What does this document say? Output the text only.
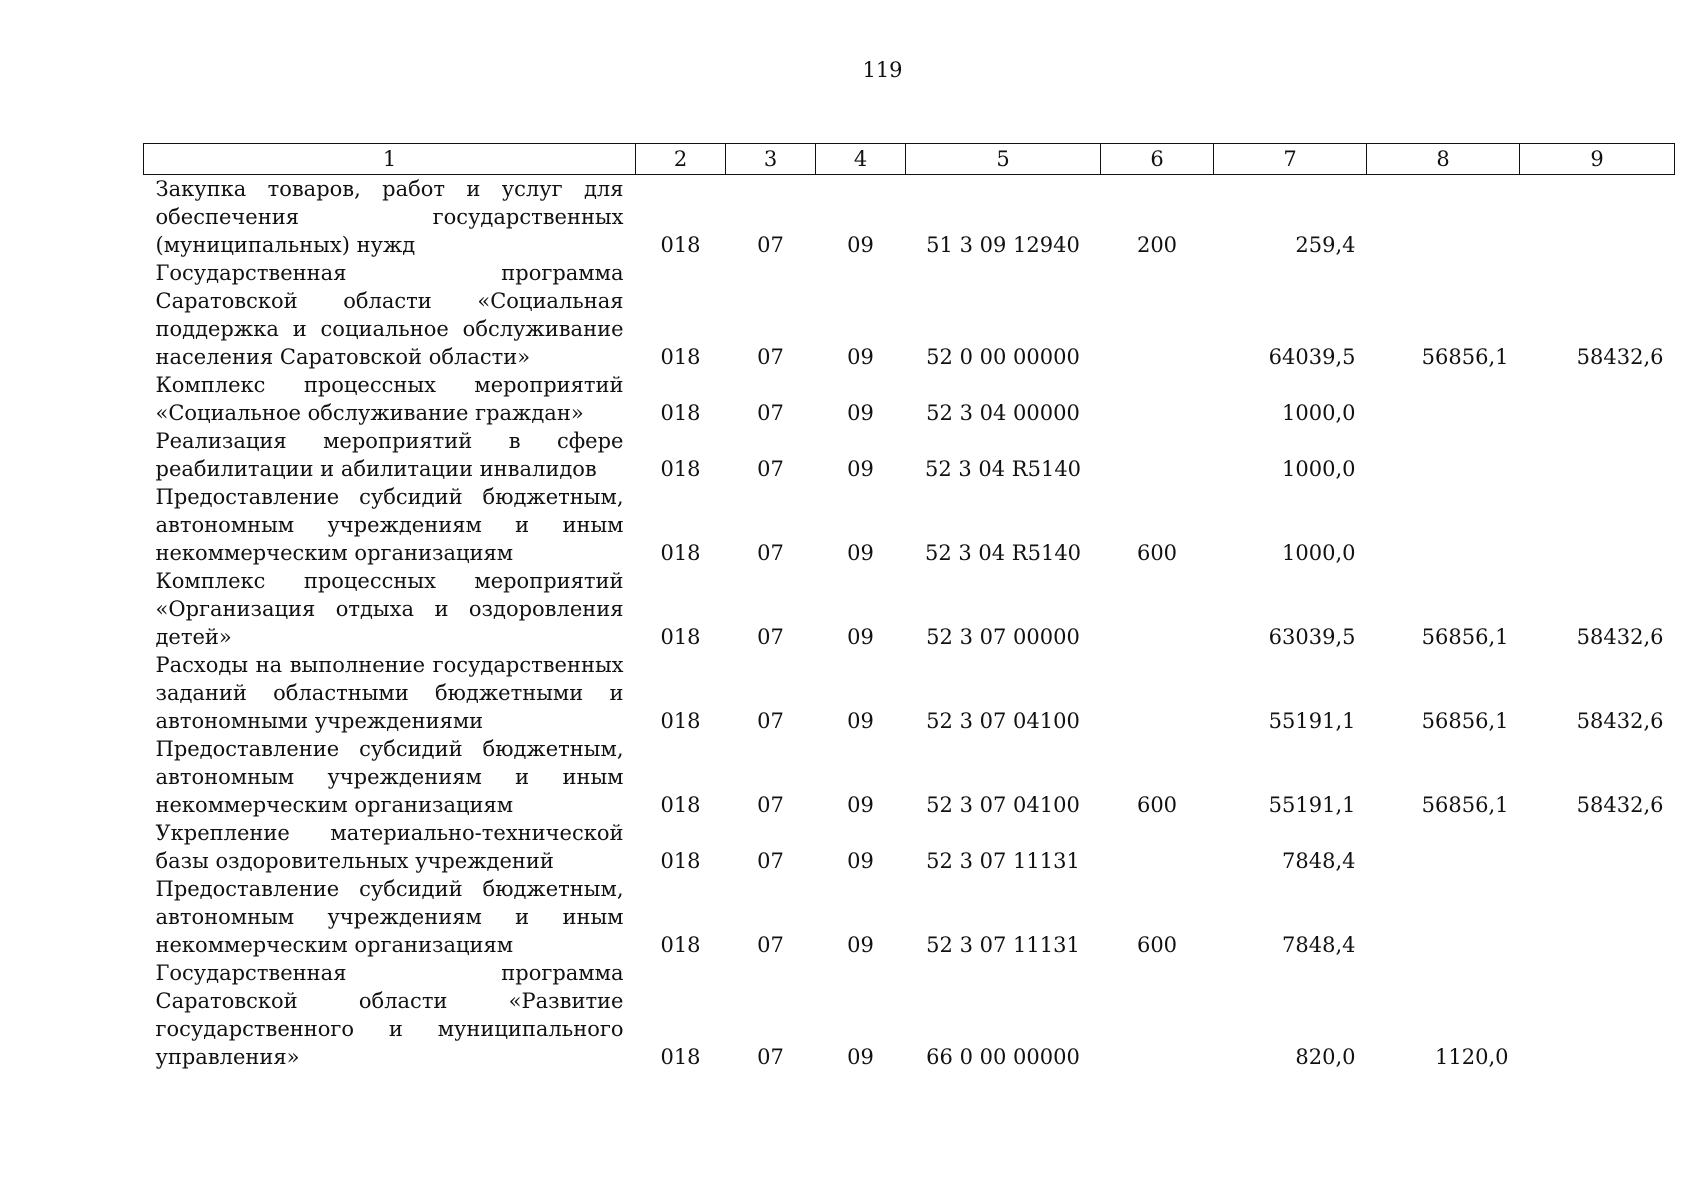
119
1	2	3	4	5	6	7	8	9
Закупка товаров, работ и услуг для обеспечения государственных (муниципальных) нужд	018	07	09	51 3 09 12940	200	259,4		
Государственная программа Саратовской области «Социальная поддержка и социальное обслуживание населения Саратовской области»	018	07	09	52 0 00 00000		64039,5	56856,1	58432,6
Комплекс процессных мероприятий «Социальное обслуживание граждан»	018	07	09	52 3 04 00000		1000,0		
Реализация мероприятий в сфере реабилитации и абилитации инвалидов	018	07	09	52 3 04 R5140		1000,0		
Предоставление субсидий бюджетным, автономным учреждениям и иным некоммерческим организациям	018	07	09	52 3 04 R5140	600	1000,0		
Комплекс процессных мероприятий «Организация отдыха и оздоровления детей»	018	07	09	52 3 07 00000		63039,5	56856,1	58432,6
Расходы на выполнение государственных заданий областными бюджетными и автономными учреждениями	018	07	09	52 3 07 04100		55191,1	56856,1	58432,6
Предоставление субсидий бюджетным, автономным учреждениям и иным некоммерческим организациям	018	07	09	52 3 07 04100	600	55191,1	56856,1	58432,6
Укрепление материально-технической базы оздоровительных учреждений	018	07	09	52 3 07 11131		7848,4		
Предоставление субсидий бюджетным, автономным учреждениям и иным некоммерческим организациям	018	07	09	52 3 07 11131	600	7848,4		
Государственная программа Саратовской области «Развитие государственного и муниципального управления»	018	07	09	66 0 00 00000		820,0	1120,0	
